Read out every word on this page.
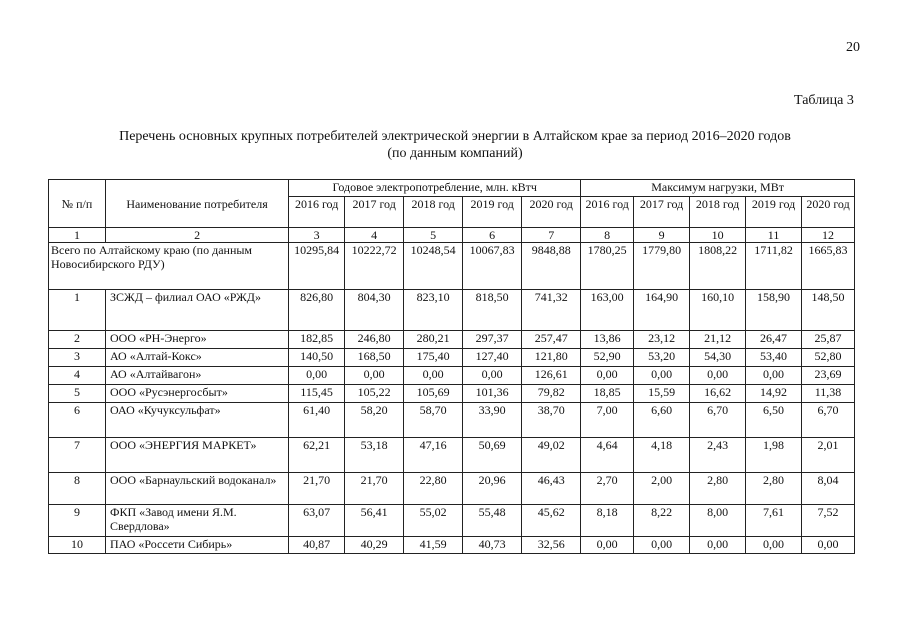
20
Таблица 3
Перечень основных крупных потребителей электрической энергии в Алтайском крае за период 2016–2020 годов
(по данным компаний)
№ п/п	Наименование потребителя	Годовое электропотребление, млн. кВтч					Максимум нагрузки, МВт				
		2016 год	2017 год	2018 год	2019 год	2020 год	2016 год	2017 год	2018 год	2019 год	2020 год
1	2	3	4	5	6	7	8	9	10	11	12
Всего по Алтайскому краю (по данным Новосибирского РДУ)		10295,84	10222,72	10248,54	10067,83	9848,88	1780,25	1779,80	1808,22	1711,82	1665,83
1	ЗСЖД – филиал ОАО «РЖД»	826,80	804,30	823,10	818,50	741,32	163,00	164,90	160,10	158,90	148,50
2	ООО «РН-Энерго»	182,85	246,80	280,21	297,37	257,47	13,86	23,12	21,12	26,47	25,87
3	АО «Алтай-Кокс»	140,50	168,50	175,40	127,40	121,80	52,90	53,20	54,30	53,40	52,80
4	АО «Алтайвагон»	0,00	0,00	0,00	0,00	126,61	0,00	0,00	0,00	0,00	23,69
5	ООО «Русэнергосбыт»	115,45	105,22	105,69	101,36	79,82	18,85	15,59	16,62	14,92	11,38
6	ОАО «Кучуксульфат»	61,40	58,20	58,70	33,90	38,70	7,00	6,60	6,70	6,50	6,70
7	ООО «ЭНЕРГИЯ МАРКЕТ»	62,21	53,18	47,16	50,69	49,02	4,64	4,18	2,43	1,98	2,01
8	ООО «Барнаульский водоканал»	21,70	21,70	22,80	20,96	46,43	2,70	2,00	2,80	2,80	8,04
9	ФКП «Завод имени Я.М. Свердлова»	63,07	56,41	55,02	55,48	45,62	8,18	8,22	8,00	7,61	7,52
10	ПАО «Россети Сибирь»	40,87	40,29	41,59	40,73	32,56	0,00	0,00	0,00	0,00	0,00
